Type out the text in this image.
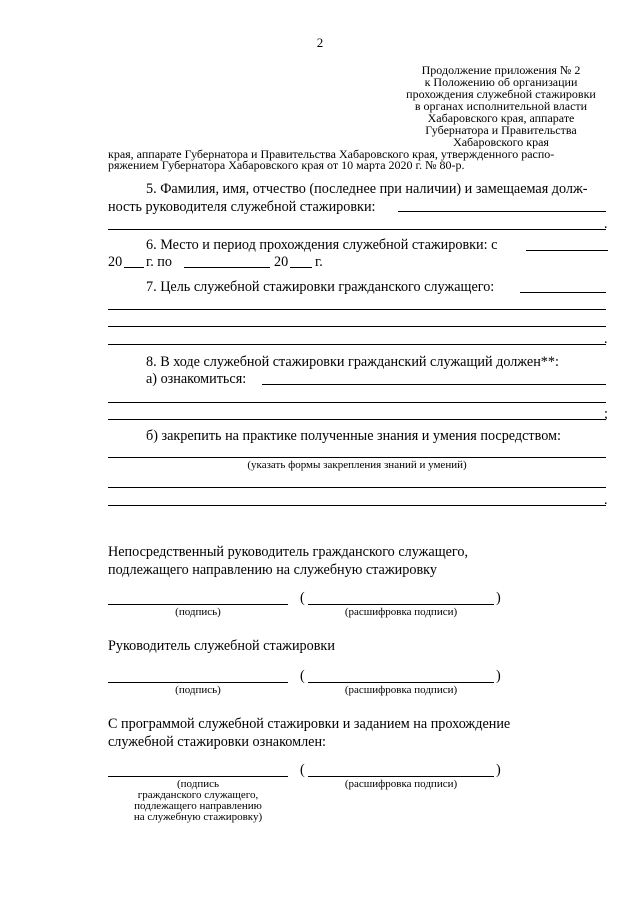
2
Продолжение приложения № 2
к Положению об организации
прохождения служебной стажировки
в органах исполнительной власти
Хабаровского края, аппарате
Губернатора и Правительства
Хабаровского края
края, аппарате Губернатора и Правительства Хабаровского края, утвержденного распо-
ряжением Губернатора Хабаровского края от 10 марта 2020 г. № 80-р.
5. Фамилия, имя, отчество (последнее при наличии) и замещаемая долж-
ность руководителя служебной стажировки:
.
6. Место и период прохождения служебной стажировки: с
20 г. по	20 г.
7. Цель служебной стажировки гражданского служащего:
.
8. В ходе служебной стажировки гражданский служащий должен**:
а) ознакомиться:
;
б) закрепить на практике полученные знания и умения посредством:
(указать формы закрепления знаний и умений)
.
Непосредственный руководитель гражданского служащего,
подлежащего направлению на служебную стажировку
(	)
(подпись)	(расшифровка подписи)
Руководитель служебной стажировки
(	)
(подпись)	(расшифровка подписи)
С программой служебной стажировки и заданием на прохождение
служебной стажировки ознакомлен:
(	)
(подпись
гражданского служащего,
подлежащего направлению
на служебную стажировку)
(расшифровка подписи)
